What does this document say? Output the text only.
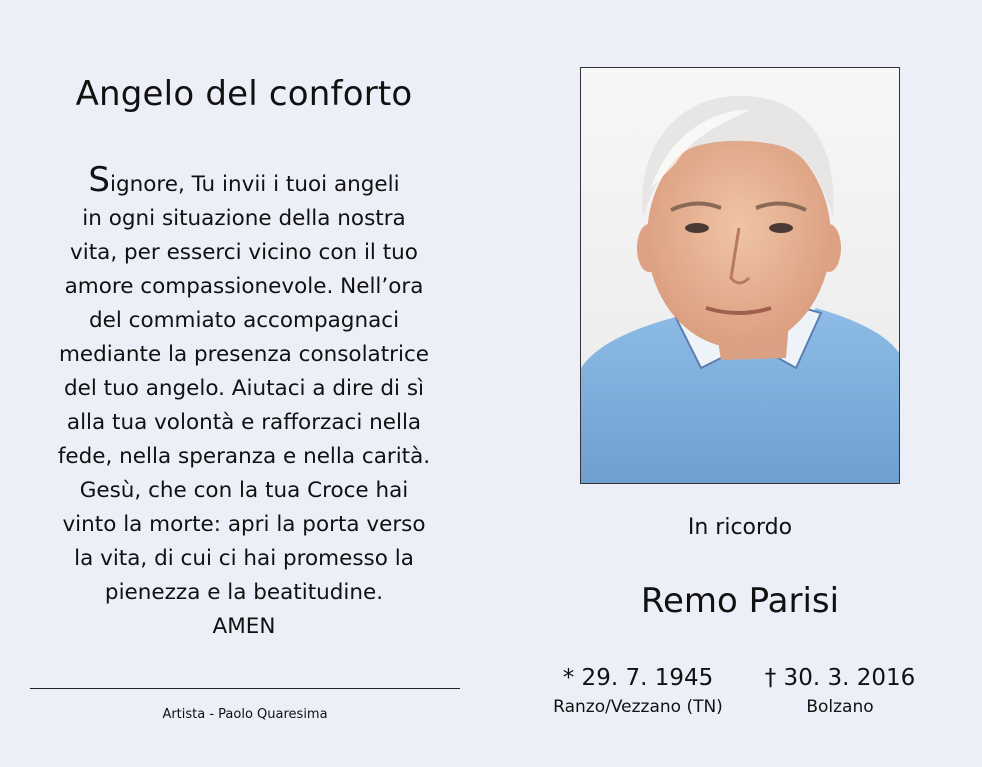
Angelo del conforto
Signore, Tu invii i tuoi angeli
in ogni situazione della nostra
vita, per esserci vicino con il tuo
amore compassionevole. Nell’ora
del commiato accompagnaci
mediante la presenza consolatrice
del tuo angelo. Aiutaci a dire di sì
alla tua volontà e rafforzaci nella
fede, nella speranza e nella carità.
Gesù, che con la tua Croce hai
vinto la morte: apri la porta verso
la vita, di cui ci hai promesso la
pienezza e la beatitudine.
AMEN
Artista - Paolo Quaresima
In ricordo
Remo Parisi
* 29. 7. 1945
Ranzo/Vezzano (TN)
† 30. 3. 2016
Bolzano
